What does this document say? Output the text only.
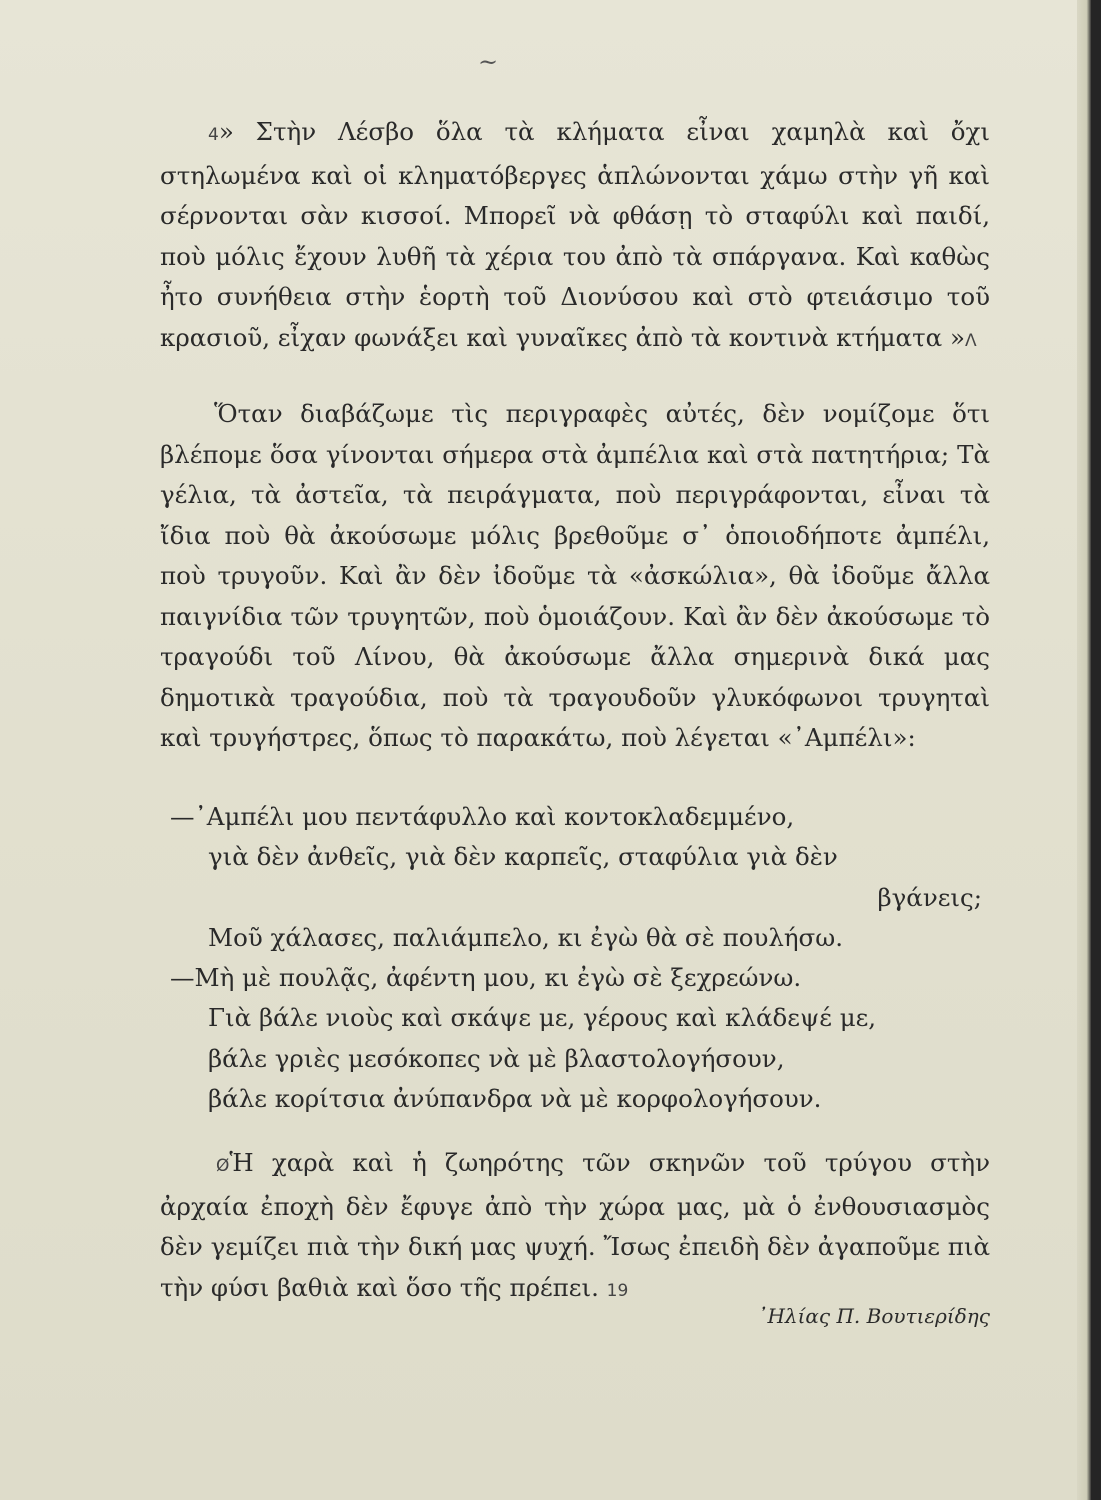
~

4» Στὴν Λέσβο ὅλα τὰ κλήματα εἶναι χαμηλὰ καὶ ὄχι στηλωμένα καὶ οἱ κληματόβεργες ἁπλώνονται χάμω στὴν γῆ καὶ σέρνονται σὰν κισσοί. Μπορεῖ νὰ φθάσῃ τὸ σταφύλι καὶ παιδί, ποὺ μόλις ἔχουν λυθῆ τὰ χέρια του ἀπὸ τὰ σπάργανα. Καὶ καθὼς ἦτο συνήθεια στὴν ἑορτὴ τοῦ Διονύσου καὶ στὸ φτειάσιμο τοῦ κρασιοῦ, εἶχαν φωνάξει καὶ γυναῖκες ἀπὸ τὰ κοντινὰ κτήματα »Λ

Ὅταν διαβάζωμε τὶς περιγραφὲς αὐτές, δὲν νομίζομε ὅτι βλέπομε ὅσα γίνονται σήμερα στὰ ἀμπέλια καὶ στὰ πατητήρια; Τὰ γέλια, τὰ ἀστεῖα, τὰ πειράγματα, ποὺ περιγράφονται, εἶναι τὰ ἴδια ποὺ θὰ ἀκούσωμε μόλις βρεθοῦμε σ᾽ ὁποιοδήποτε ἀμπέλι, ποὺ τρυγοῦν. Καὶ ἂν δὲν ἰδοῦμε τὰ «ἀσκώλια», θὰ ἰδοῦμε ἄλλα παιγνίδια τῶν τρυγητῶν, ποὺ ὁμοιάζουν. Καὶ ἂν δὲν ἀκούσωμε τὸ τραγούδι τοῦ Λίνου, θὰ ἀκούσωμε ἄλλα σημερινὰ δικά μας δημοτικὰ τραγούδια, ποὺ τὰ τραγουδοῦν γλυκόφωνοι τρυγηταὶ καὶ τρυγήστρες, ὅπως τὸ παρακάτω, ποὺ λέγεται «᾽Αμπέλι»:

—᾽Αμπέλι μου πεντάφυλλο καὶ κοντοκλαδεμμένο,
γιὰ δὲν ἀνθεῖς, γιὰ δὲν καρπεῖς, σταφύλια γιὰ δὲν
βγάνεις;
Μοῦ χάλασες, παλιάμπελο, κι ἐγὼ θὰ σὲ πουλήσω.
—Μὴ μὲ πουλᾷς, ἀφέντη μου, κι ἐγὼ σὲ ξεχρεώνω.
Γιὰ βάλε νιοὺς καὶ σκάψε με, γέρους καὶ κλάδεψέ με,
βάλε γριὲς μεσόκοπες νὰ μὲ βλαστολογήσουν,
βάλε κορίτσια ἀνύπανδρα νὰ μὲ κορφολογήσουν.

ØἩ χαρὰ καὶ ἡ ζωηρότης τῶν σκηνῶν τοῦ τρύγου στὴν ἀρχαία ἐποχὴ δὲν ἔφυγε ἀπὸ τὴν χώρα μας, μὰ ὁ ἐνθουσιασμὸς δὲν γεμίζει πιὰ τὴν δική μας ψυχή. Ἴσως ἐπειδὴ δὲν ἀγαποῦμε πιὰ τὴν φύσι βαθιὰ καὶ ὅσο τῆς πρέπει. 19

᾽Ηλίας Π. Βουτιερίδης
